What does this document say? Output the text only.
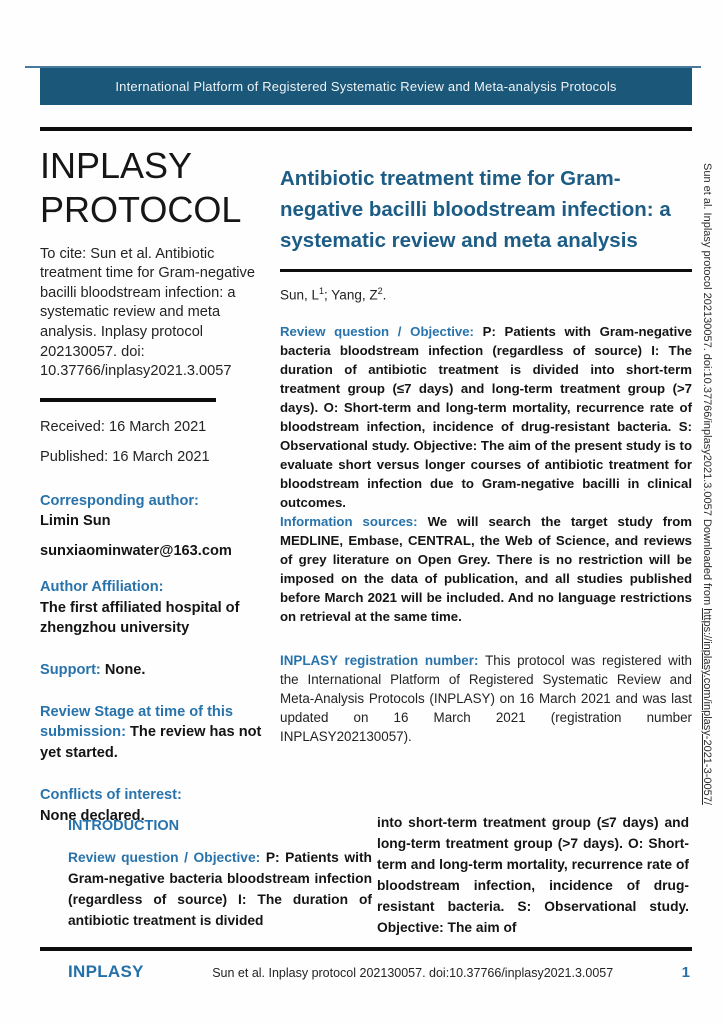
International Platform of Registered Systematic Review and Meta-analysis Protocols
INPLASY
PROTOCOL
To cite: Sun et al. Antibiotic treatment time for Gram-negative bacilli bloodstream infection: a systematic review and meta analysis. Inplasy protocol 202130057. doi: 10.37766/inplasy2021.3.0057
Received: 16 March 2021
Published: 16 March 2021
Corresponding author:
Limin Sun
sunxiaominwater@163.com
Author Affiliation:
The first affiliated hospital of zhengzhou university
Support: None.
Review Stage at time of this submission: The review has not yet started.
Conflicts of interest:
None declared.
Antibiotic treatment time for Gram-negative bacilli bloodstream infection: a systematic review and meta analysis
Sun, $L^1$; Yang, $Z^2$.
Review question / Objective: P: Patients with Gram-negative bacteria bloodstream infection (regardless of source) I: The duration of antibiotic treatment is divided into short-term treatment group (≤7 days) and long-term treatment group (>7 days). O: Short-term and long-term mortality, recurrence rate of bloodstream infection, incidence of drug-resistant bacteria. S: Observational study. Objective: The aim of the present study is to evaluate short versus longer courses of antibiotic treatment for bloodstream infection due to Gram-negative bacilli in clinical outcomes.
Information sources: We will search the target study from MEDLINE, Embase, CENTRAL, the Web of Science, and reviews of grey literature on Open Grey. There is no restriction will be imposed on the data of publication, and all studies published before March 2021 will be included. And no language restrictions on retrieval at the same time.
INPLASY registration number: This protocol was registered with the International Platform of Registered Systematic Review and Meta-Analysis Protocols (INPLASY) on 16 March 2021 and was last updated on 16 March 2021 (registration number INPLASY202130057).
INTRODUCTION
Review question / Objective: P: Patients with Gram-negative bacteria bloodstream infection (regardless of source) I: The duration of antibiotic treatment is divided
into short-term treatment group (≤7 days) and long-term treatment group (>7 days). O: Short-term and long-term mortality, recurrence rate of bloodstream infection, incidence of drug-resistant bacteria. S: Observational study. Objective: The aim of
INPLASY	Sun et al. Inplasy protocol 202130057. doi:10.37766/inplasy2021.3.0057	1
Sun et al. Inplasy protocol 202130057. doi:10.37766/inplasy2021.3.0057 Downloaded from https://inplasy.com/inplasy-2021-3-0057/
